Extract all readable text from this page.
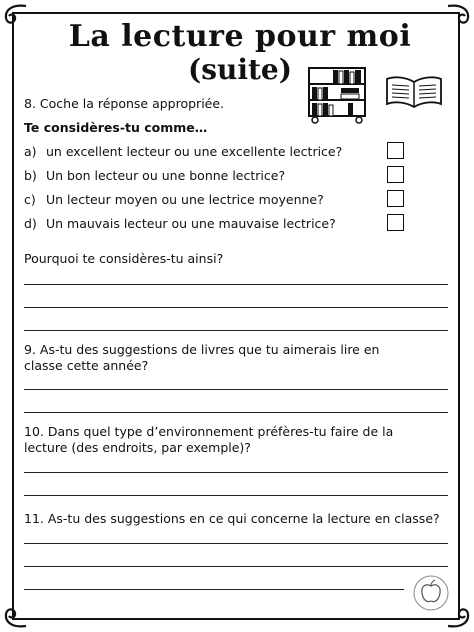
La lecture pour moi
(suite)
8. Coche la réponse appropriée.
Te considères-tu comme…
a) un excellent lecteur ou une excellente lectrice?
b) Un bon lecteur ou une bonne lectrice?
c) Un lecteur moyen ou une lectrice moyenne?
d) Un mauvais lecteur ou une mauvaise lectrice?
Pourquoi te considères-tu ainsi?
9. As-tu des suggestions de livres que tu aimerais lire en
classe cette année?
10. Dans quel type d’environnement préfères-tu faire de la
lecture (des endroits, par exemple)?
11. As-tu des suggestions en ce qui concerne la lecture en classe?
